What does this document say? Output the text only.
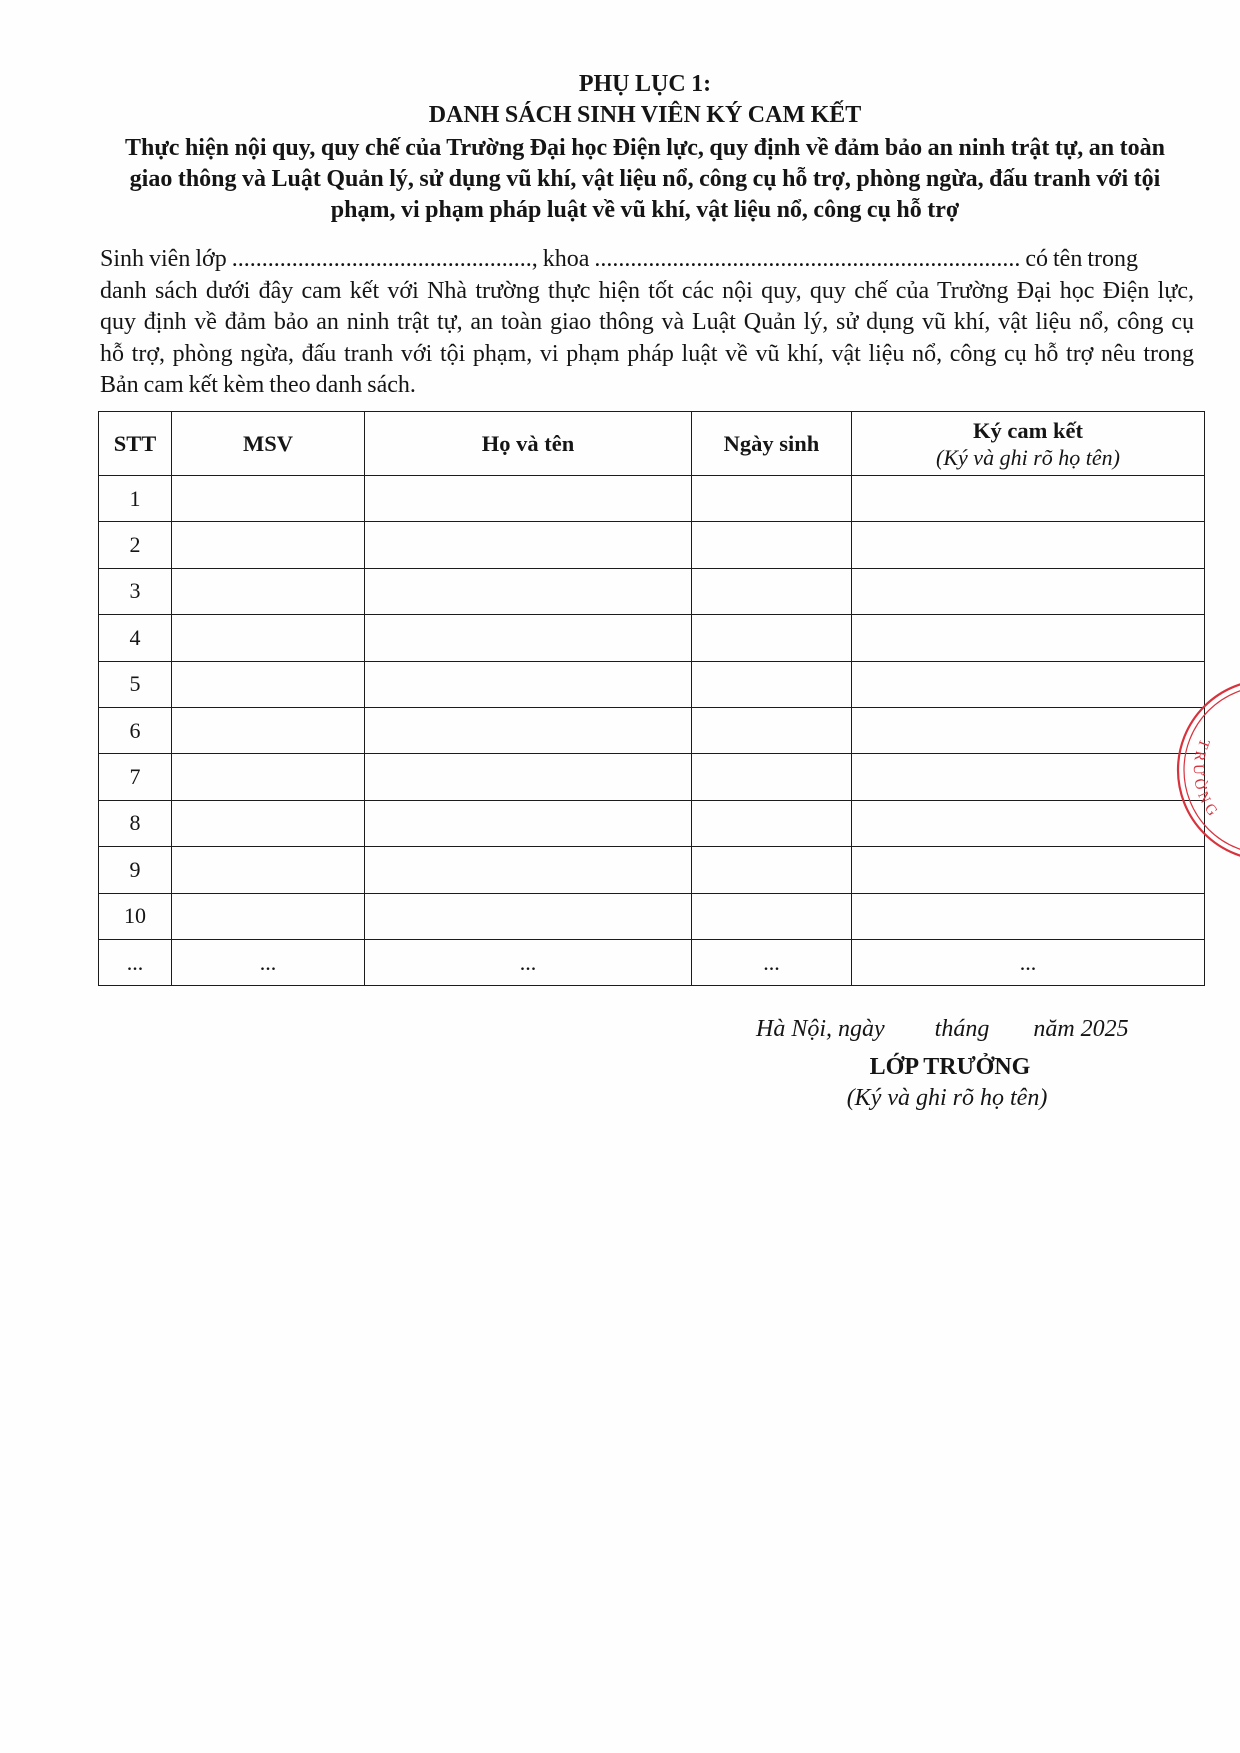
PHỤ LỤC 1:
DANH SÁCH SINH VIÊN KÝ CAM KẾT
Thực hiện nội quy, quy chế của Trường Đại học Điện lực, quy định về đảm bảo an ninh trật tự, an toàn
giao thông và Luật Quản lý, sử dụng vũ khí, vật liệu nổ, công cụ hỗ trợ, phòng ngừa, đấu tranh với tội
phạm, vi phạm pháp luật về vũ khí, vật liệu nổ, công cụ hỗ trợ
Sinh viên lớp .................................................., khoa ....................................................................... có tên trong
danh sách dưới đây cam kết với Nhà trường thực hiện tốt các nội quy, quy chế của Trường Đại học Điện lực,
quy định về đảm bảo an ninh trật tự, an toàn giao thông và Luật Quản lý, sử dụng vũ khí, vật liệu nổ, công cụ
hỗ trợ, phòng ngừa, đấu tranh với tội phạm, vi phạm pháp luật về vũ khí, vật liệu nổ, công cụ hỗ trợ nêu trong
Bản cam kết kèm theo danh sách.
STT	MSV	Họ và tên	Ngày sinh	Ký cam kết
(Ký và ghi rõ họ tên)

1				
2				
3				
4				
5				
6				
7				
8				
9				
10				
...	...	...	...	...
Hà Nội, ngày tháng năm 2025
LỚP TRƯỞNG
(Ký và ghi rõ họ tên)
TRƯỜNG
